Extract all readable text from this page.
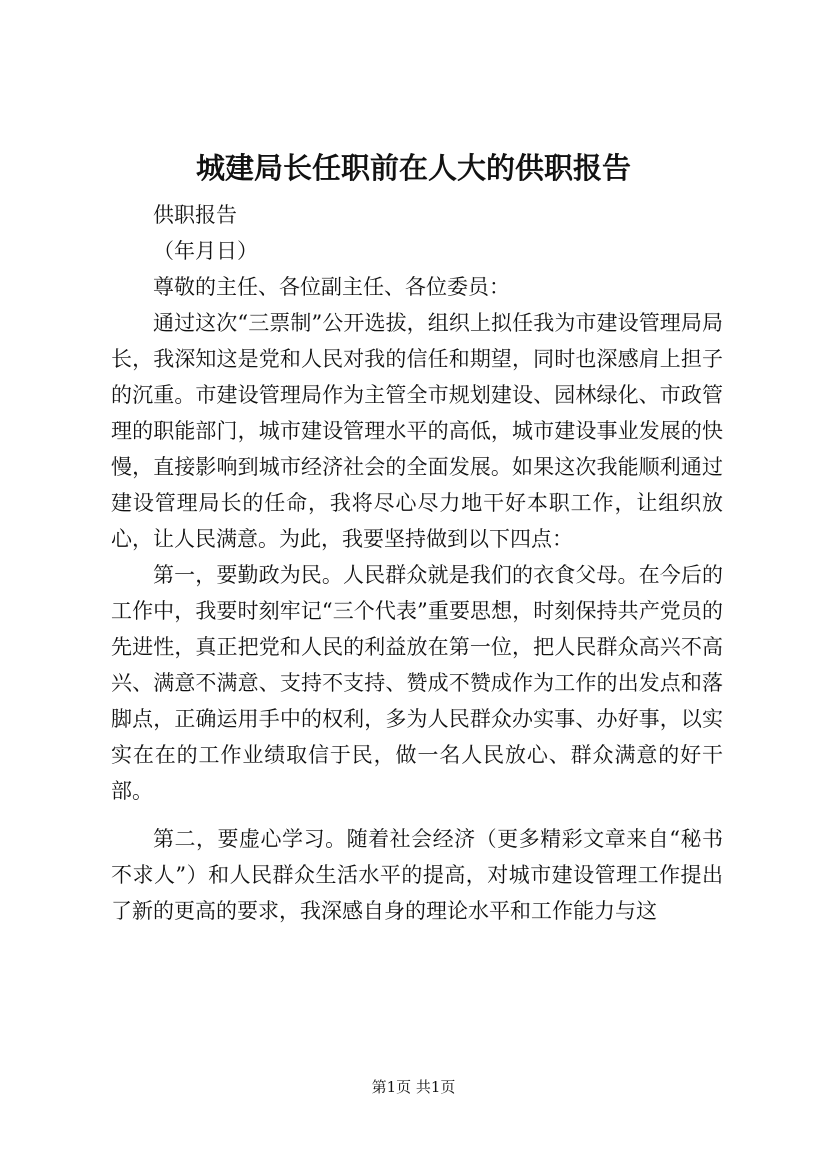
城建局长任职前在人大的供职报告

供职报告

（年月日）

尊敬的主任、各位副主任、各位委员：

通过这次“三票制”公开选拔，组织上拟任我为市建设管理局局长，我深知这是党和人民对我的信任和期望，同时也深感肩上担子的沉重。市建设管理局作为主管全市规划建设、园林绿化、市政管理的职能部门，城市建设管理水平的高低，城市建设事业发展的快慢，直接影响到城市经济社会的全面发展。如果这次我能顺利通过建设管理局长的任命，我将尽心尽力地干好本职工作，让组织放心，让人民满意。为此，我要坚持做到以下四点：

第一，要勤政为民。人民群众就是我们的衣食父母。在今后的工作中，我要时刻牢记“三个代表”重要思想，时刻保持共产党员的先进性，真正把党和人民的利益放在第一位，把人民群众高兴不高兴、满意不满意、支持不支持、赞成不赞成作为工作的出发点和落脚点，正确运用手中的权利，多为人民群众办实事、办好事，以实实在在的工作业绩取信于民，做一名人民放心、群众满意的好干部。

第二，要虚心学习。随着社会经济（更多精彩文章来自“秘书不求人”）和人民群众生活水平的提高，对城市建设管理工作提出了新的更高的要求，我深感自身的理论水平和工作能力与这

第1页 共1页
